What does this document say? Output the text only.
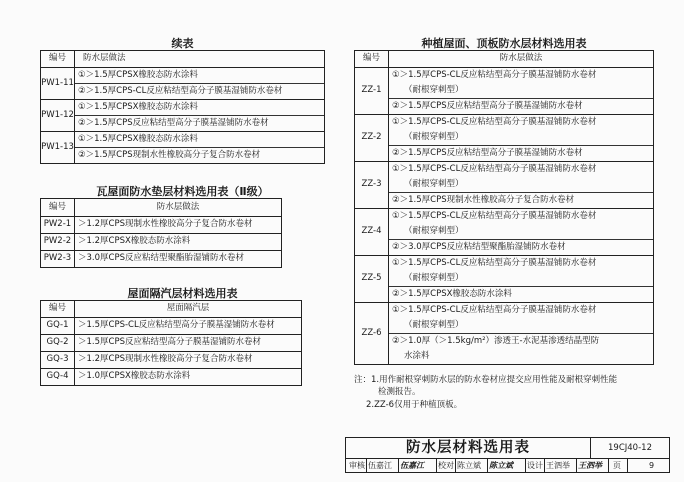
续表
编号	防水层做法
PW1-11	①＞1.5厚CPSX橡胶态防水涂料
②＞1.5厚CPS-CL反应粘结型高分子膜基湿铺防水卷材

PW1-12	①＞1.5厚CPSX橡胶态防水涂料
②＞1.5厚CPS反应粘结型高分子膜基湿铺防水卷材

PW1-13	①＞1.5厚CPSX橡胶态防水涂料
②＞1.5厚CPS现制水性橡胶高分子复合防水卷材
瓦屋面防水垫层材料选用表（Ⅱ级）
编号	防水层做法
PW2-1	＞1.2厚CPS现制水性橡胶高分子复合防水卷材
PW2-2	＞1.2厚CPSX橡胶态防水涂料
PW2-3	＞3.0厚CPS反应粘结型聚酯胎湿铺防水卷材
屋面隔汽层材料选用表
编号	屋面隔汽层
GQ-1	＞1.5厚CPS-CL反应粘结型高分子膜基湿铺防水卷材
GQ-2	＞1.5厚CPS反应粘结型高分子膜基湿铺防水卷材
GQ-3	＞1.2厚CPS现制水性橡胶高分子复合防水卷材
GQ-4	＞1.0厚CPSX橡胶态防水涂料
种植屋面、顶板防水层材料选用表
编号	防水层做法
ZZ-1	①＞1.5厚CPS-CL反应粘结型高分子膜基湿铺防水卷材
（耐根穿刺型）
②＞1.5厚CPS反应粘结型高分子膜基湿铺防水卷材

ZZ-2	①＞1.5厚CPS-CL反应粘结型高分子膜基湿铺防水卷材
（耐根穿刺型）
②＞1.5厚CPS反应粘结型高分子膜基湿铺防水卷材

ZZ-3	①＞1.5厚CPS-CL反应粘结型高分子膜基湿铺防水卷材
（耐根穿刺型）
②＞1.5厚CPS现制水性橡胶高分子复合防水卷材

ZZ-4	①＞1.5厚CPS-CL反应粘结型高分子膜基湿铺防水卷材
（耐根穿刺型）
②＞3.0厚CPS反应粘结型聚酯胎湿铺防水卷材

ZZ-5	①＞1.5厚CPS-CL反应粘结型高分子膜基湿铺防水卷材
（耐根穿刺型）
②＞1.5厚CPSX橡胶态防水涂料

ZZ-6	①＞1.5厚CPS-CL反应粘结型高分子膜基湿铺防水卷材
（耐根穿刺型）
②＞1.0厚（＞1.5kg/m²）渗透王-水泥基渗透结晶型防
水涂料
注：1.用作耐根穿刺防水层的防水卷材应提交应用性能及耐根穿刺性能
检测报告。
2.ZZ-6仅用于种植顶板。
防水层材料选用表	19CJ40-12
审核 伍嘉江 伍嘉江 校对 陈立斌 陈立斌 设计 王泗举 王泗举 页	9
